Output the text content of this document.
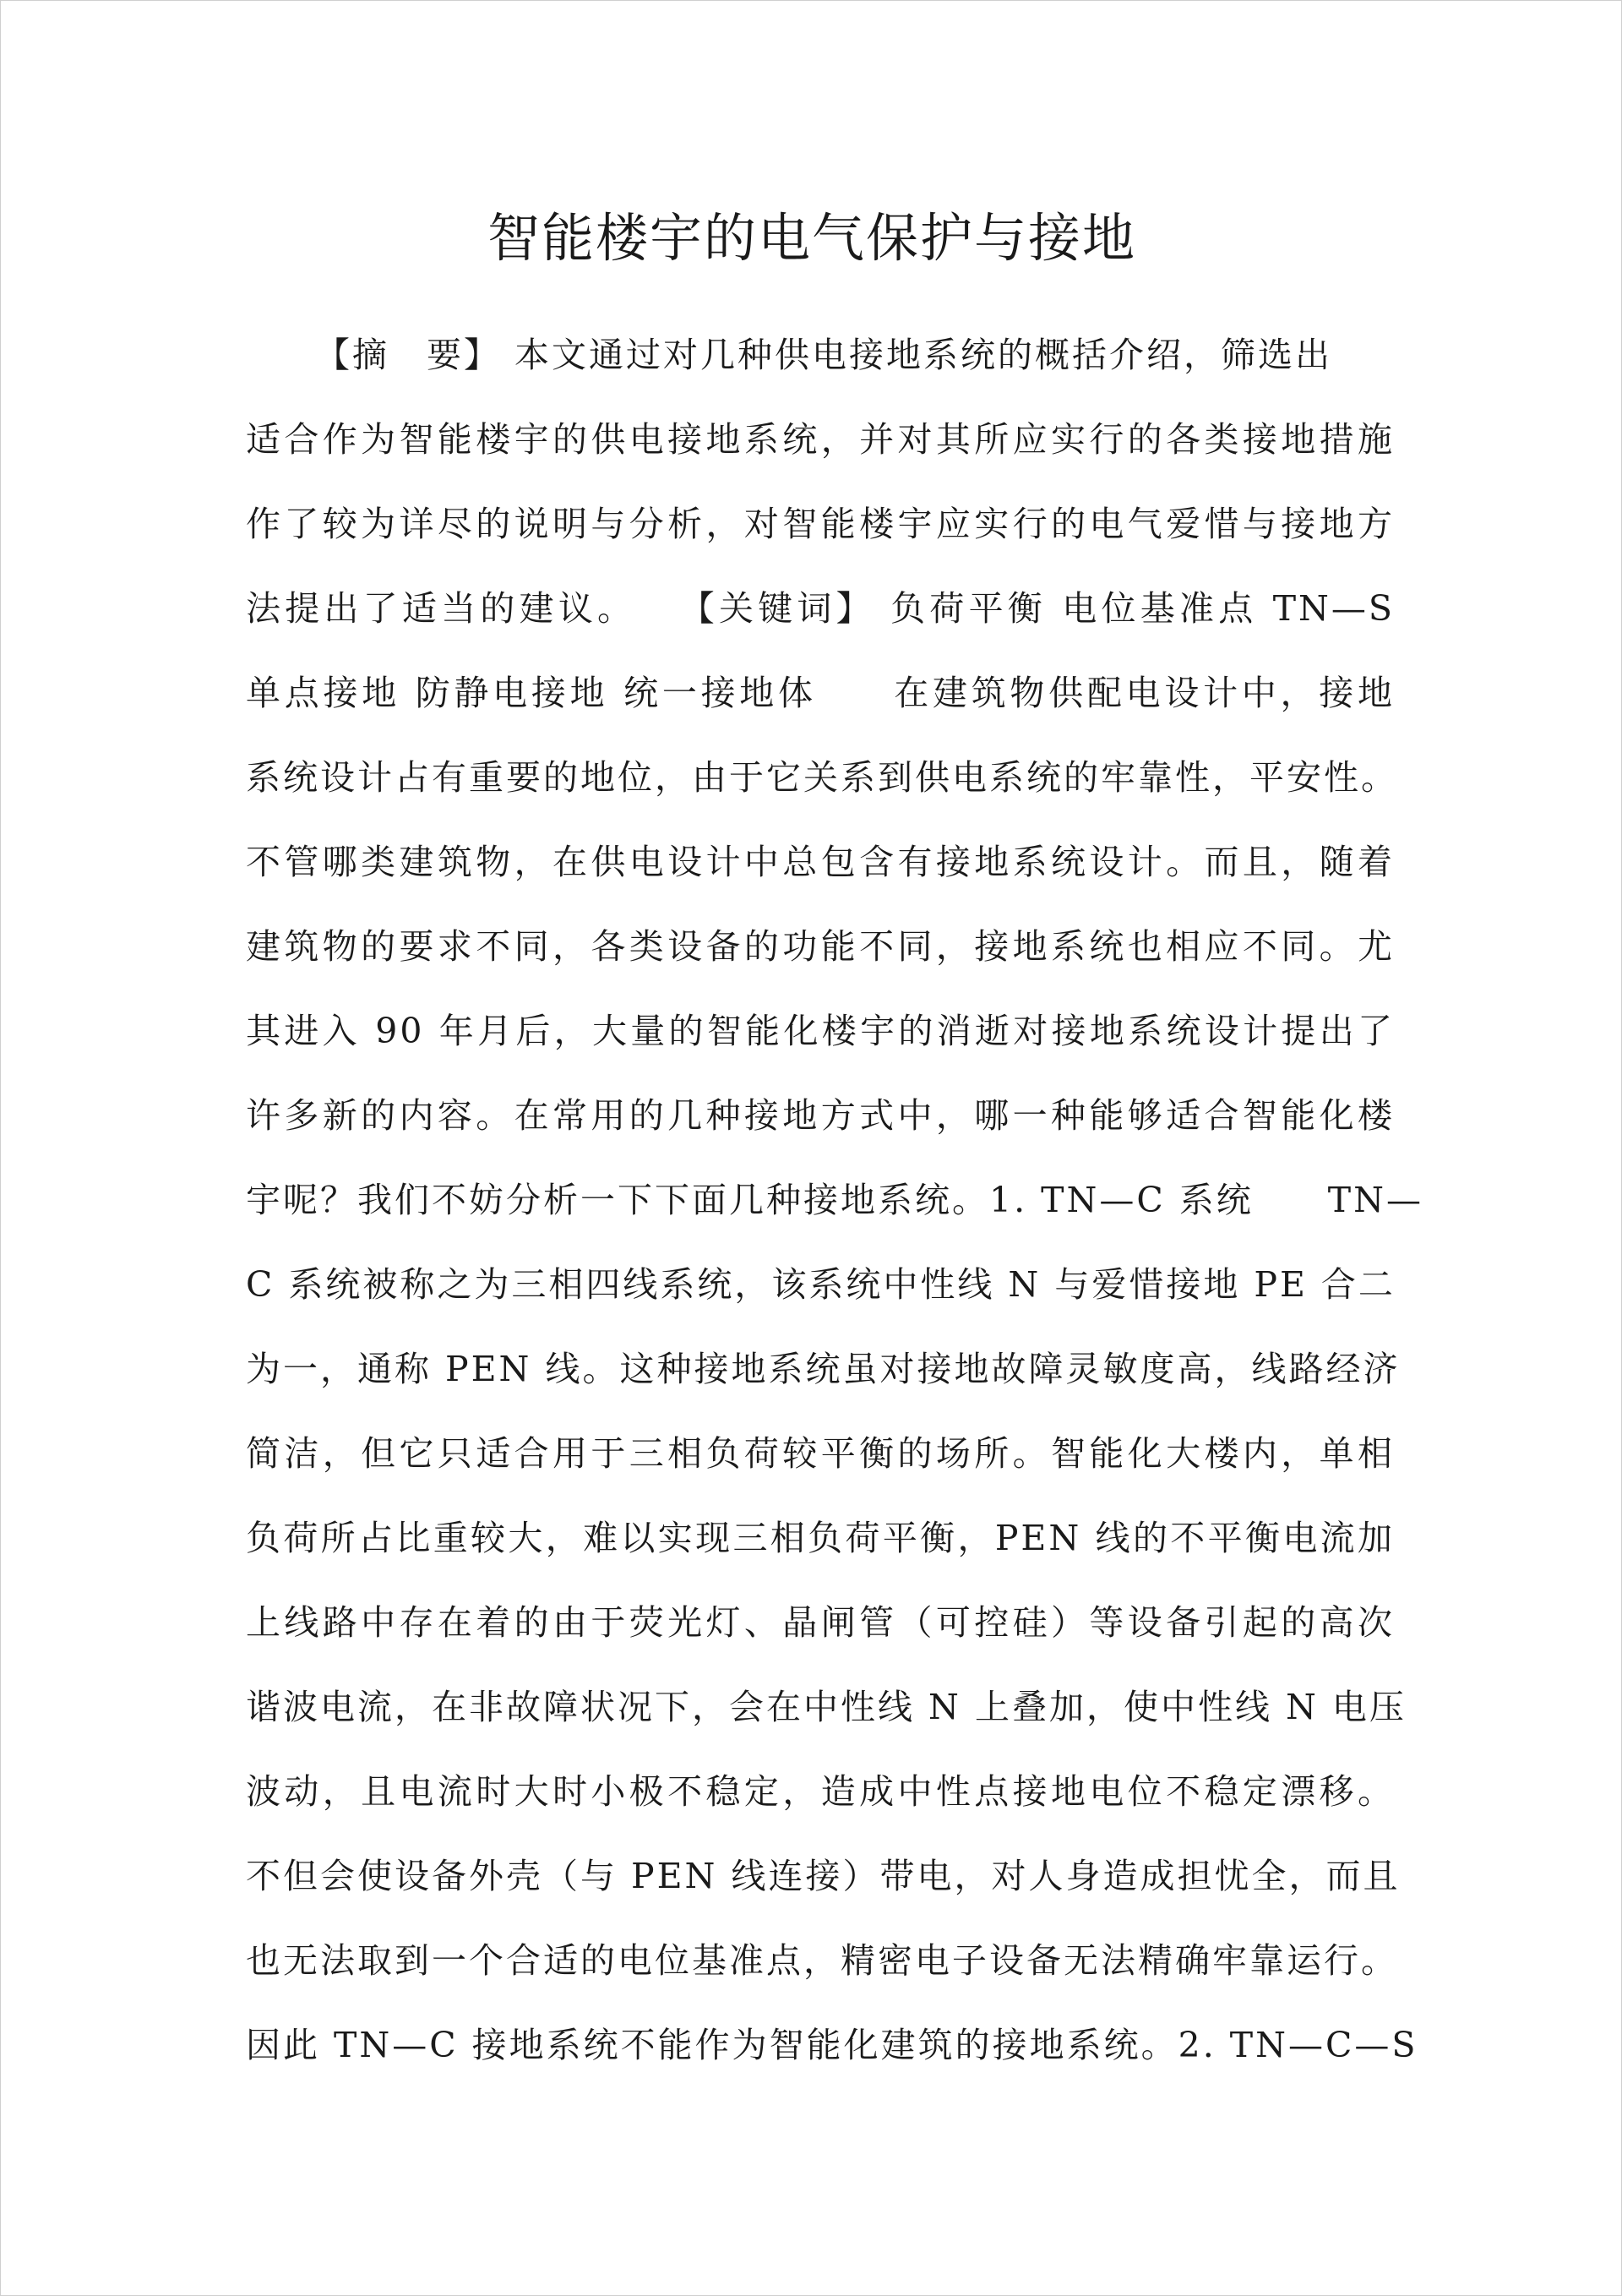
智能楼宇的电气保护与接地
【摘　要】 本文通过对几种供电接地系统的概括介绍，筛选出
适合作为智能楼宇的供电接地系统，并对其所应实行的各类接地措施
作了较为详尽的说明与分析，对智能楼宇应实行的电气爱惜与接地方
法提出了适当的建议。　　【关键词】 负荷平衡 电位基准点 TN—S
单点接地 防静电接地 统一接地体　　在建筑物供配电设计中，接地
系统设计占有重要的地位，由于它关系到供电系统的牢靠性，平安性。
不管哪类建筑物，在供电设计中总包含有接地系统设计。而且，随着
建筑物的要求不同，各类设备的功能不同，接地系统也相应不同。尤
其进入 90 年月后，大量的智能化楼宇的消逝对接地系统设计提出了
许多新的内容。在常用的几种接地方式中，哪一种能够适合智能化楼
宇呢？我们不妨分析一下下面几种接地系统。1. TN—C 系统　　TN—
C 系统被称之为三相四线系统，该系统中性线 N 与爱惜接地 PE 合二
为一，通称 PEN 线。这种接地系统虽对接地故障灵敏度高，线路经济
简洁，但它只适合用于三相负荷较平衡的场所。智能化大楼内，单相
负荷所占比重较大，难以实现三相负荷平衡，PEN 线的不平衡电流加
上线路中存在着的由于荧光灯、晶闸管（可控硅）等设备引起的高次
谐波电流，在非故障状况下，会在中性线 N 上叠加，使中性线 N 电压
波动，且电流时大时小极不稳定，造成中性点接地电位不稳定漂移。
不但会使设备外壳（与 PEN 线连接）带电，对人身造成担忧全，而且
也无法取到一个合适的电位基准点，精密电子设备无法精确牢靠运行。
因此 TN—C 接地系统不能作为智能化建筑的接地系统。2. TN—C—S
